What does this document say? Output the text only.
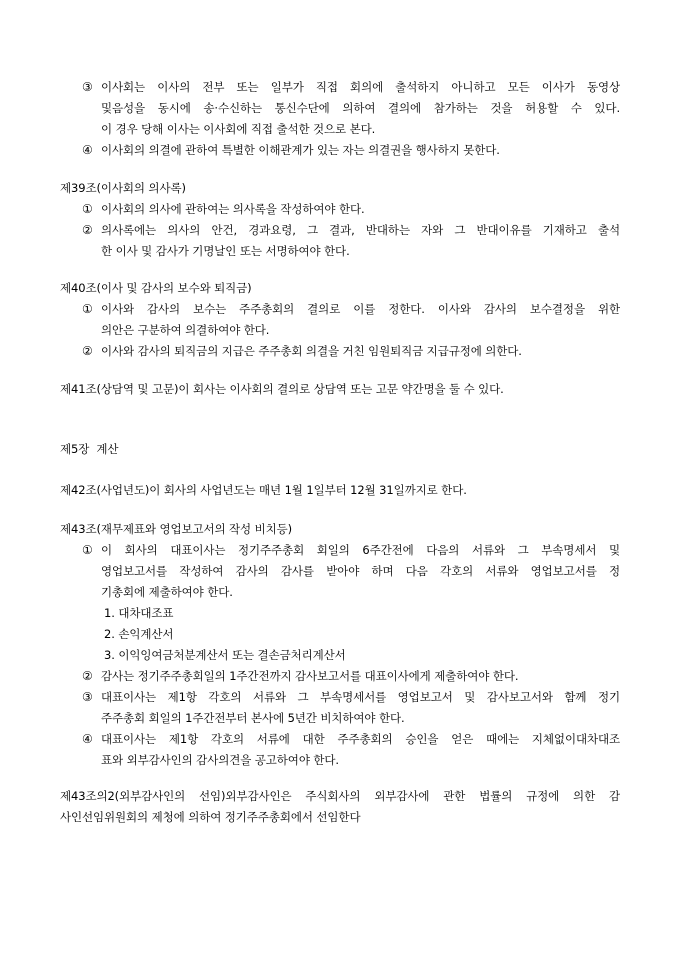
③ 이사회는 이사의 전부 또는 일부가 직접 회의에 출석하지 아니하고 모든 이사가 동영상
및음성을 동시에 송·수신하는 통신수단에 의하여 결의에 참가하는 것을 허용할 수 있다.
이 경우 당해 이사는 이사회에 직접 출석한 것으로 본다.
④ 이사회의 의결에 관하여 특별한 이해관계가 있는 자는 의결권을 행사하지 못한다.
제39조(이사회의 의사록)
① 이사회의 의사에 관하여는 의사록을 작성하여야 한다.
② 의사록에는 의사의 안건, 경과요령, 그 결과, 반대하는 자와 그 반대이유를 기재하고 출석
한 이사 및 감사가 기명날인 또는 서명하여야 한다.
제40조(이사 및 감사의 보수와 퇴직금)
① 이사와 감사의 보수는 주주총회의 결의로 이를 정한다. 이사와 감사의 보수결정을 위한
의안은 구분하여 의결하여야 한다.
② 이사와 감사의 퇴직금의 지급은 주주총회 의결을 거친 임원퇴직금 지급규정에 의한다.
제41조(상담역 및 고문)이 회사는 이사회의 결의로 상담역 또는 고문 약간명을 둘 수 있다.
제5장  계산
제42조(사업년도)이 회사의 사업년도는 매년 1월 1일부터 12월 31일까지로 한다.
제43조(재무제표와 영업보고서의 작성 비치등)
① 이 회사의 대표이사는 정기주주총회 회일의 6주간전에 다음의 서류와 그 부속명세서 및
영업보고서를 작성하여 감사의 감사를 받아야 하며 다음 각호의 서류와 영업보고서를 정
기총회에 제출하여야 한다.
1. 대차대조표
2. 손익계산서
3. 이익잉여금처분계산서 또는 결손금처리계산서
② 감사는 정기주주총회일의 1주간전까지 감사보고서를 대표이사에게 제출하여야 한다.
③ 대표이사는 제1항 각호의 서류와 그 부속명세서를 영업보고서 및 감사보고서와 함께 정기
주주총회 회일의 1주간전부터 본사에 5년간 비치하여야 한다.
④ 대표이사는 제1항 각호의 서류에 대한 주주총회의 승인을 얻은 때에는 지체없이대차대조
표와 외부감사인의 감사의견을 공고하여야 한다.
제43조의2(외부감사인의 선임)외부감사인은 주식회사의 외부감사에 관한 법률의 규정에 의한 감
사인선임위원회의 제청에 의하여 정기주주총회에서 선임한다
